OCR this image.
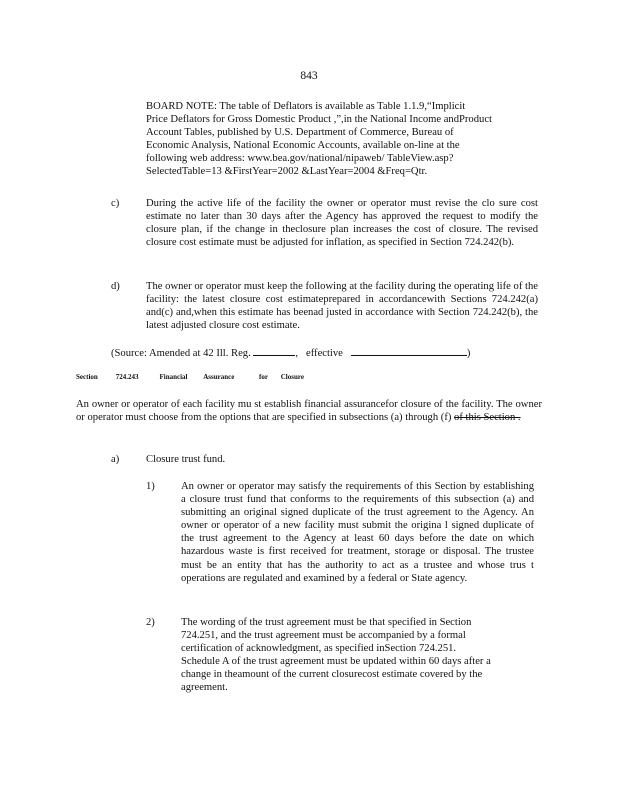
843
BOARD NOTE: The table of Deflators is available as Table 1.1.9,“Implicit
Price Deflators for Gross Domestic Product ,”,in the National Income andProduct
Account Tables, published by U.S. Department of Commerce, Bureau of
Economic Analysis, National Economic Accounts, available on-line at the
following web address: www.bea.gov/national/nipaweb/ TableView.asp?
SelectedTable=13 &FirstYear=2002 &LastYear=2004 &Freq=Qtr.
c)	During the active life of the facility the owner or operator must revise the clo sure cost estimate no later than 30 days after the Agency has approved the request to modify the closure plan, if the change in theclosure plan increases the cost of closure. The revised closure cost estimate must be adjusted for inflation, as specified in Section 724.242(b).
d) The owner or operator must keep the following at the facility during the operating life of the facility: the latest closure cost estimateprepared in accordancewith Sections 724.242(a) and(c) and,when this estimate has beenad justed in accordance with Section 724.242(b), the latest adjusted closure cost estimate.
(Source: Amended at 42 Ill. Reg.	, effective	)
Section	724.243	Financial Assurance	for Closure
An owner or operator of each facility mu st establish financial assurancefor closure of the facility. The owner or operator must choose from the options that are specified in subsections (a) through (f) of this Section .
a)	Closure trust fund.
1) An owner or operator may satisfy the requirements of this Section by establishing a closure trust fund that conforms to the requirements of this subsection (a) and submitting an original signed duplicate of the trust agreement to the Agency. An owner or operator of a new facility must submit the origina l signed duplicate of the trust agreement to the Agency at least 60 days before the date on which hazardous waste is first received for treatment, storage or disposal. The trustee must be an entity that has the authority to act as a trustee and whose trus t operations are regulated and examined by a federal or State agency.
2) The wording of the trust agreement must be that specified in Section
724.251, and the trust agreement must be accompanied by a formal
certification of acknowledgment, as specified inSection 724.251.
Schedule A of the trust agreement must be updated within 60 days after a
change in theamount of the current closurecost estimate covered by the
agreement.
